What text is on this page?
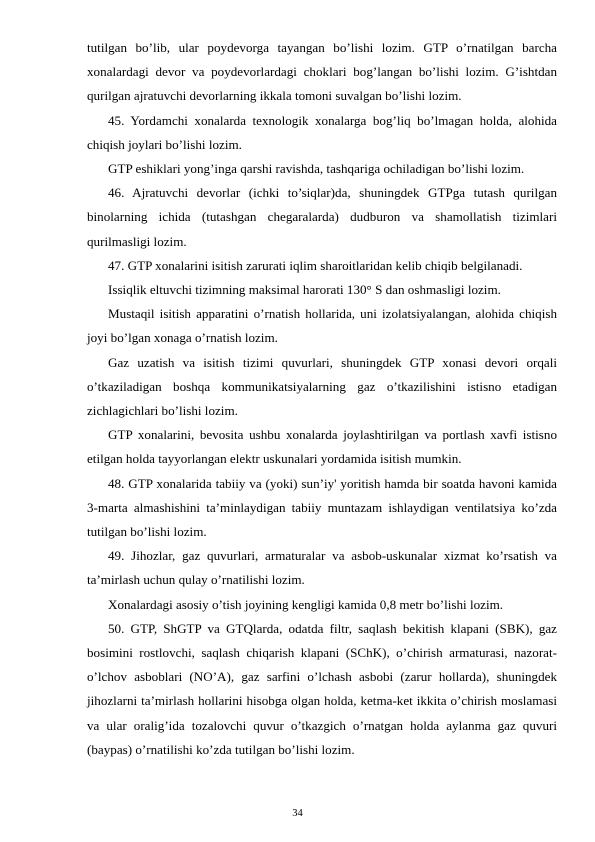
tutilgan bo’lib, ular poydevorga tayangan bo’lishi lozim. GTP o’rnatilgan barcha xonalardagi devor va poydevorlardagi choklari bog’langan bo’lishi lozim. G’ishtdan qurilgan ajratuvchi devorlarning ikkala tomoni suvalgan bo’lishi lozim.

45. Yordamchi xonalarda texnologik xonalarga bog’liq bo’lmagan holda, alohida chiqish joylari bo’lishi lozim.

GTP eshiklari yong’inga qarshi ravishda, tashqariga ochiladigan bo’lishi lozim.

46. Ajratuvchi devorlar (ichki to’siqlar)da, shuningdek GTPga tutash qurilgan binolarning ichida (tutashgan chegaralarda) dudburon va shamollatish tizimlari qurilmasligi lozim.

47. GTP xonalarini isitish zarurati iqlim sharoitlaridan kelib chiqib belgilanadi.

Issiqlik eltuvchi tizimning maksimal harorati 130° S dan oshmasligi lozim.

Mustaqil isitish apparatini o’rnatish hollarida, uni izolatsiyalangan, alohida chiqish joyi bo’lgan xonaga o’rnatish lozim.

Gaz uzatish va isitish tizimi quvurlari, shuningdek GTP xonasi devori orqali o’tkaziladigan boshqa kommunikatsiyalarning gaz o’tkazilishini istisno etadigan zichlagichlari bo’lishi lozim.

GTP xonalarini, bevosita ushbu xonalarda joylashtirilgan va portlash xavfi istisno etilgan holda tayyorlangan elektr uskunalari yordamida isitish mumkin.

48. GTP xonalarida tabiiy va (yoki) sun’iy' yoritish hamda bir soatda havoni kamida 3-marta almashishini ta’minlaydigan tabiiy muntazam ishlaydigan ventilatsiya ko’zda tutilgan bo’lishi lozim.

49. Jihozlar, gaz quvurlari, armaturalar va asbob-uskunalar xizmat ko’rsatish va ta’mirlash uchun qulay o’rnatilishi lozim.

Xonalardagi asosiy o’tish joyining kengligi kamida 0,8 metr bo’lishi lozim.

50. GTP, ShGTP va GTQlarda, odatda filtr, saqlash bekitish klapani (SBK), gaz bosimini rostlovchi, saqlash chiqarish klapani (SChK), o’chirish armaturasi, nazorat-o’lchov asboblari (NO’A), gaz sarfini o’lchash asbobi (zarur hollarda), shuningdek jihozlarni ta’mirlash hollarini hisobga olgan holda, ketma-ket ikkita o’chirish moslamasi va ular oralig’ida tozalovchi quvur o’tkazgich o’rnatgan holda aylanma gaz quvuri (baypas) o’rnatilishi ko’zda tutilgan bo’lishi lozim.

34
